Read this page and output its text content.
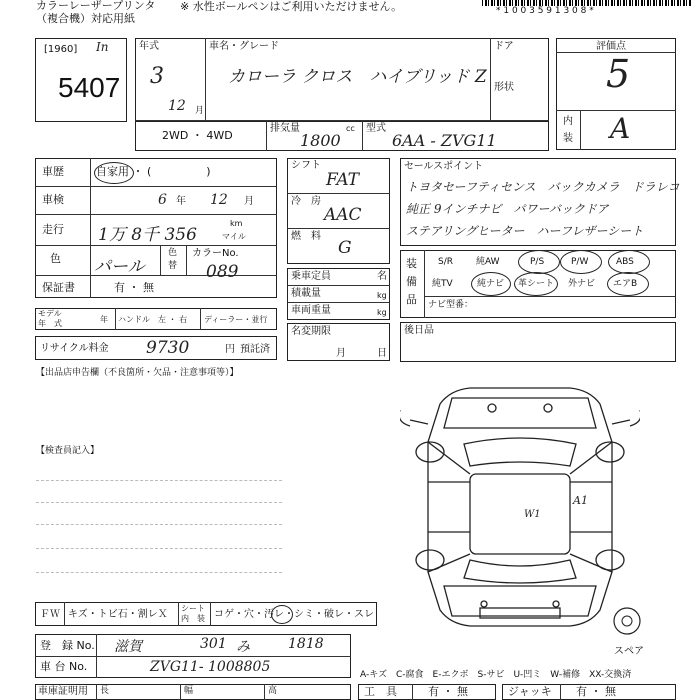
カラーレーザープリンタ
（複合機）対応用紙
※ 水性ボールペンはご利用いただけません。	* 1 0 0 3 5 9 1 3 0 8 *
[1960] In
5407
年式
3
12 月
車名・グレード
カローラ クロス　ハイブリッド Z
ドア
形状
2WD ・ 4WD
排気量	cc
1800
型式
6AA - ZVG11
評価点
5
内
装 A
車歴	自家用 ・ (　　　　　)
車検	6 年 12 月
走行 1万 8千 356
km
マイル
色 パール
色
替
カラーNo.
089
保証書	有 ・ 無
モデル
年　式	年 ハンドル　左 ・ 右 ディーラー・並行
リサイクル料金 9730	円 預託済
シフト
FAT
冷　房
AAC
燃　料
G
乗車定員	名
積載量	kg
車両重量	kg
名変期限
月	日
セールスポイント
トヨタセーフティセンス　バックカメラ　ドラレコ
純正 9インチナビ　パワーバックドア
ステアリングヒーター　ハーフレザーシート
装
備
品
S/R	純AW	P/S	P/W	ABS
純TV	純ナビ 革シート 外ナビ エアB
ナビ型番：
後日品
【出品店申告欄（不良箇所・欠品・注意事項等）】
【検査員記入】
A1
W1
スペア
ＦＷ キズ・トビ石・割レＸ
シート
内　装 コゲ・穴・汚レ・シミ・破レ・スレ
登　録 No. 滋賀	301 み	1818
車 台 No.	ZVG11- 1008805
車庫証明用 長	幅	高
A-キズ　C-腐食　E-エクボ　S-サビ　U-凹ミ　W-補修　XX-交換済
工　具	有 ・ 無	ジャッキ 有 ・ 無
